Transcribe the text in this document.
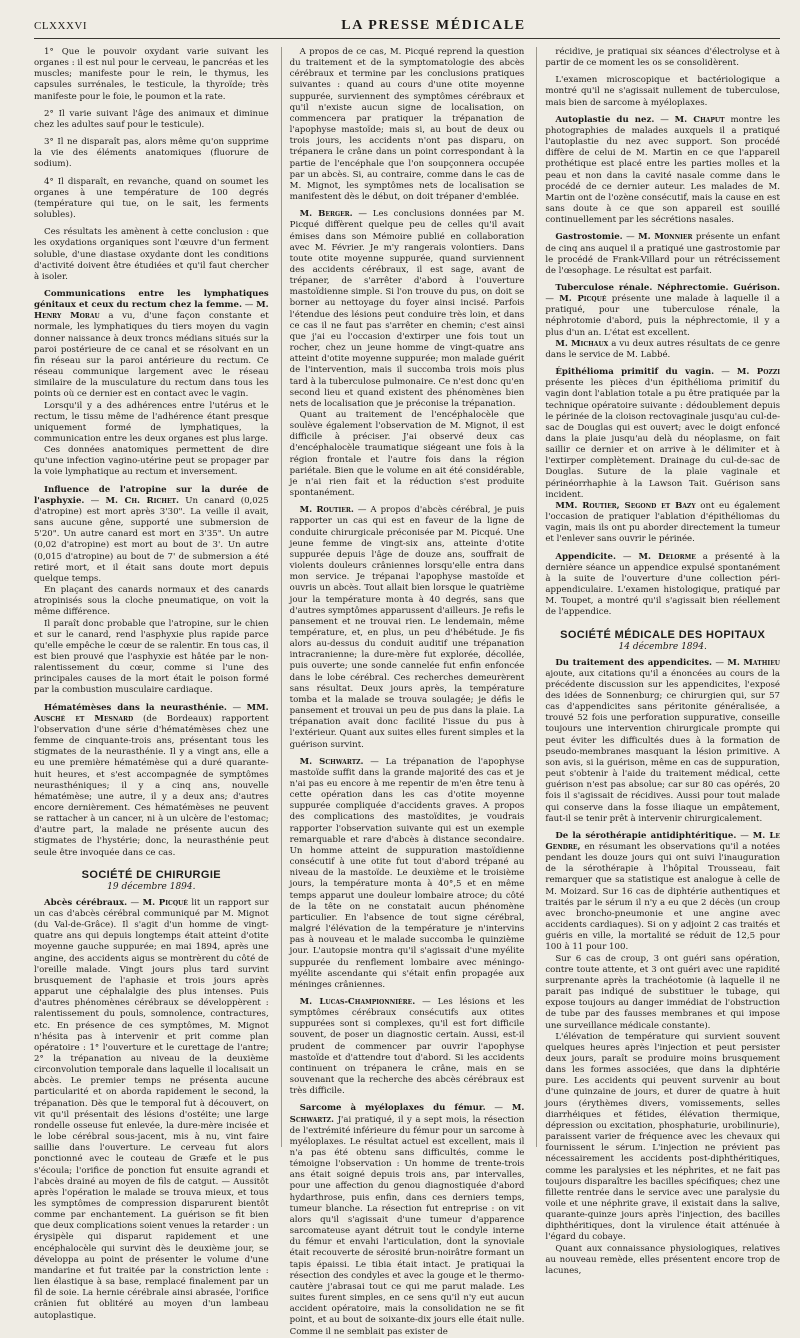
CLXXXVI	LA PRESSE MÉDICALE

1° Que le pouvoir oxydant varie suivant les organes : il est nul pour le cerveau, le pancréas et les muscles; manifeste pour le rein, le thymus, les capsules surrénales, le testicule, la thyroïde; très manifeste pour le foie, le poumon et la rate.

2° Il varie suivant l'âge des animaux et diminue chez les adultes sauf pour le testicule).

3° Il ne disparaît pas, alors même qu'on supprime la vie des éléments anatomiques (fluorure de sodium).

4° Il disparaît, en revanche, quand on soumet les organes à une température de 100 degrés (température qui tue, on le sait, les ferments solubles).

Ces résultats les amènent à cette conclusion : que les oxydations organiques sont l'œuvre d'un ferment soluble, d'une diastase oxydante dont les conditions d'activité doivent être étudiées et qu'il faut chercher à isoler.

Communications entre les lymphatiques génitaux et ceux du rectum chez la femme. — M. Henry Morau a vu, d'une façon constante et normale, les lymphatiques du tiers moyen du vagin donner naissance à deux troncs médians situés sur la paroi postérieure de ce canal et se résolvant en un fin réseau sur la paroi antérieure du rectum. Ce réseau communique largement avec le réseau similaire de la musculature du rectum dans tous les points où ce dernier est en contact avec le vagin.

Lorsqu'il y a des adhérences entre l'utérus et le rectum, le tissu même de l'adhérence étant presque uniquement formé de lymphatiques, la communication entre les deux organes est plus large.

Ces données anatomiques permettent de dire qu'une infection vagino-utérine peut se propager par la voie lymphatique au rectum et inversement.

Influence de l'atropine sur la durée de l'asphyxie. — M. Ch. Richet. Un canard (0,025 d'atropine) est mort après 3'30". La veille il avait, sans aucune gêne, supporté une submersion de 5'20". Un autre canard est mort en 3'35". Un autre (0,02 d'atropine) est mort au bout de 3'. Un autre (0,015 d'atropine) au bout de 7' de submersion a été retiré mort, et il était sans doute mort depuis quelque temps.

En plaçant des canards normaux et des canards atropinisés sous la cloche pneumatique, on voit la même différence.

Il paraît donc probable que l'atropine, sur le chien et sur le canard, rend l'asphyxie plus rapide parce qu'elle empêche le cœur de se ralentir. En tous cas, il est bien prouvé que l'asphyxie est hâtée par le non-ralentissement du cœur, comme si l'une des principales causes de la mort était le poison formé par la combustion musculaire cardiaque.

Hématémèses dans la neurasthénie. — MM. Ausché et Mesnard (de Bordeaux) rapportent l'observation d'une série d'hématémèses chez une femme de cinquante-trois ans, présentant tous les stigmates de la neurasthénie. Il y a vingt ans, elle a eu une première hématémèse qui a duré quarante-huit heures, et s'est accompagnée de symptômes neurasthéniques; il y a cinq ans, nouvelle hématémèse; une autre, il y a deux ans; d'autres encore dernièrement. Ces hématémèses ne peuvent se rattacher à un cancer, ni à un ulcère de l'estomac; d'autre part, la malade ne présente aucun des stigmates de l'hystérie; donc, la neurasthénie peut seule être invoquée dans ce cas.

SOCIÉTÉ DE CHIRURGIE
19 décembre 1894.

Abcès cérébraux. — M. Picqué lit un rapport sur un cas d'abcès cérébral communiqué par M. Mignot (du Val-de-Grâce). Il s'agit d'un homme de vingt-quatre ans qui depuis longtemps était atteint d'otite moyenne gauche suppurée; en mai 1894, après une angine, des accidents aigus se montrèrent du côté de l'oreille malade. Vingt jours plus tard survint brusquement de l'aphasie et trois jours après apparut une céphalalgie des plus intenses. Puis d'autres phénomènes cérébraux se développèrent : ralentissement du pouls, somnolence, contractures, etc. En présence de ces symptômes, M. Mignot n'hésita pas à intervenir et prit comme plan opératoire : 1° l'ouverture et le curettage de l'antre; 2° la trépanation au niveau de la deuxième circonvolution temporale dans laquelle il localisait un abcès. Le premier temps ne présenta aucune particularité et on aborda rapidement le second, la trépanation. Dès que le temporal fut à découvert, on vit qu'il présentait des lésions d'ostéite; une large rondelle osseuse fut enlevée, la dure-mère incisée et le lobe cérébral sous-jacent, mis à nu, vint faire saillie dans l'ouverture. Le cerveau fut alors ponctionné avec le couteau de Græfe et le pus s'écoula; l'orifice de ponction fut ensuite agrandi et l'abcès drainé au moyen de fils de catgut. — Aussitôt après l'opération le malade se trouva mieux, et tous les symptômes de compression disparurent bientôt comme par enchantement. La guérison se fit bien que deux complications soient venues la retarder : un érysipèle qui disparut rapidement et une encéphalocèle qui survint dès le deuxième jour, se développa au point de présenter le volume d'une mandarine et fut traitée par la constriction lente : lien élastique à sa base, remplacé finalement par un fil de soie. La hernie cérébrale ainsi abrasée, l'orifice crânien fut oblitéré au moyen d'un lambeau autoplastique.

A propos de ce cas, M. Picqué reprend la question du traitement et de la symptomatologie des abcès cérébraux et termine par les conclusions pratiques suivantes : quand au cours d'une otite moyenne suppurée, surviennent des symptômes cérébraux et qu'il n'existe aucun signe de localisation, on commencera par pratiquer la trépanation de l'apophyse mastoïde; mais si, au bout de deux ou trois jours, les accidents n'ont pas disparu, on trépanera le crâne dans un point correspondant à la partie de l'encéphale que l'on soupçonnera occupée par un abcès. Si, au contraire, comme dans le cas de M. Mignot, les symptômes nets de localisation se manifestent dès le début, on doit trépaner d'emblée.

M. Berger. — Les conclusions données par M. Picqué diffèrent quelque peu de celles qu'il avait émises dans son Mémoire publié en collaboration avec M. Février. Je m'y rangerais volontiers. Dans toute otite moyenne suppurée, quand surviennent des accidents cérébraux, il est sage, avant de trépaner, de s'arrêter d'abord à l'ouverture mastoïdienne simple. Si l'on trouve du pus, on doit se borner au nettoyage du foyer ainsi incisé. Parfois l'étendue des lésions peut conduire très loin, et dans ce cas il ne faut pas s'arrêter en chemin; c'est ainsi que j'ai eu l'occasion d'extirper une fois tout un rocher, chez un jeune homme de vingt-quatre ans atteint d'otite moyenne suppurée; mon malade guérit de l'intervention, mais il succomba trois mois plus tard à la tuberculose pulmonaire. Ce n'est donc qu'en second lieu et quand existent des phénomènes bien nets de localisation que je préconise la trépanation.

Quant au traitement de l'encéphalocèle que soulève également l'observation de M. Mignot, il est difficile à préciser. J'ai observé deux cas d'encéphalocèle traumatique siégeant une fois à la région frontale et l'autre fois dans la région pariétale. Bien que le volume en ait été considérable, je n'ai rien fait et la réduction s'est produite spontanément.

M. Routier. — A propos d'abcès cérébral, je puis rapporter un cas qui est en faveur de la ligne de conduite chirurgicale préconisée par M. Picqué. Une jeune femme de vingt-six ans, atteinte d'otite suppurée depuis l'âge de douze ans, souffrait de violents douleurs crâniennes lorsqu'elle entra dans mon service. Je trépanai l'apophyse mastoïde et ouvris un abcès. Tout allait bien lorsque le quatrième jour la température monta à 40 degrés, sans que d'autres symptômes apparussent d'ailleurs. Je refis le pansement et ne trouvai rien. Le lendemain, même température, et, en plus, un peu d'hébétude. Je fis alors au-dessus du conduit auditif une trépanation intracranienne; la dure-mère fut explorée, décollée, puis ouverte; une sonde cannelée fut enfin enfoncée dans le lobe cérébral. Ces recherches demeurèrent sans résultat. Deux jours après, la température tomba et la malade se trouva soulagée; je défis le pansement et trouvai un peu de pus dans la plaie. La trépanation avait donc facilité l'issue du pus à l'extérieur. Quant aux suites elles furent simples et la guérison survint.

M. Schwartz. — La trépanation de l'apophyse mastoïde suffit dans la grande majorité des cas et je n'ai pas eu encore à me repentir de m'en être tenu à cette opération dans les cas d'otite moyenne suppurée compliquée d'accidents graves. A propos des complications des mastoïdites, je voudrais rapporter l'observation suivante qui est un exemple remarquable et rare d'abcès à distance secondaire. Un homme atteint de suppuration mastoïdienne consécutif à une otite fut tout d'abord trépané au niveau de la mastoïde. Le deuxième et le troisième jours, la température monta à 40°,5 et en même temps apparut une douleur lombaire atroce; du côté de la tête on ne constatait aucun phénomène particulier. En l'absence de tout signe cérébral, malgré l'élévation de la température je n'intervins pas à nouveau et le malade succomba le quinzième jour. L'autopsie montra qu'il s'agissait d'une myélite suppurée du renflement lombaire avec méningo-myélite ascendante qui s'était enfin propagée aux méninges crâniennes.

M. Lucas-Championnière. — Les lésions et les symptômes cérébraux consécutifs aux otites suppurées sont si complexes, qu'il est fort difficile souvent, de poser un diagnostic certain. Aussi, est-il prudent de commencer par ouvrir l'apophyse mastoïde et d'attendre tout d'abord. Si les accidents continuent on trépanera le crâne, mais en se souvenant que la recherche des abcès cérébraux est très difficile.

Sarcome à myéloplaxes du fémur. — M. Schwartz. J'ai pratiqué, il y a sept mois, la résection de l'extrémité inférieure du fémur pour un sarcome à myéloplaxes. Le résultat actuel est excellent, mais il n'a pas été obtenu sans difficultés, comme le témoigne l'observation : Un homme de trente-trois ans était soigné depuis trois ans, par intervalles, pour une affection du genou diagnostiquée d'abord hydarthrose, puis enfin, dans ces derniers temps, tumeur blanche. La résection fut entreprise : on vit alors qu'il s'agissait d'une tumeur d'apparence sarcomateuse ayant détruit tout le condyle interne du fémur et envahi l'articulation, dont la synoviale était recouverte de sérosité brun-noirâtre formant un tapis épaissi. Le tibia était intact. Je pratiquai la résection des condyles et avec la gouge et le thermo-cautère j'abrasai tout ce qui me parut malade. Les suites furent simples, en ce sens qu'il n'y eut aucun accident opératoire, mais la consolidation ne se fit point, et au bout de soixante-dix jours elle était nulle. Comme il ne semblait pas exister de

récidive, je pratiquai six séances d'électrolyse et à partir de ce moment les os se consolidèrent.

L'examen microscopique et bactériologique a montré qu'il ne s'agissait nullement de tuberculose, mais bien de sarcome à myéloplaxes.

Autoplastie du nez. — M. Chaput montre les photographies de malades auxquels il a pratiqué l'autoplastie du nez avec support. Son procédé diffère de celui de M. Martin en ce que l'appareil prothétique est placé entre les parties molles et la peau et non dans la cavité nasale comme dans le procédé de ce dernier auteur. Les malades de M. Martin ont de l'ozène consécutif, mais la cause en est sans doute à ce que son appareil est souillé continuellement par les sécrétions nasales.

Gastrostomie. — M. Monnier présente un enfant de cinq ans auquel il a pratiqué une gastrostomie par le procédé de Frank-Villard pour un rétrécissement de l'œsophage. Le résultat est parfait.

Tuberculose rénale. Néphrectomie. Guérison. — M. Picqué présente une malade à laquelle il a pratiqué, pour une tuberculose rénale, la néphrotomie d'abord, puis la néphrectomie, il y a plus d'un an. L'état est excellent.

M. Michaux a vu deux autres résultats de ce genre dans le service de M. Labbé.

Épithélioma primitif du vagin. — M. Pozzi présente les pièces d'un épithélioma primitif du vagin dont l'ablation totale a pu être pratiquée par la technique opératoire suivante : dédoublement depuis le périnée de la cloison rectovaginale jusqu'au cul-de-sac de Douglas qui est ouvert; avec le doigt enfoncé dans la plaie jusqu'au delà du néoplasme, on fait saillir ce dernier et on arrive à le délimiter et à l'extirper complètement. Drainage du cul-de-sac de Douglas. Suture de la plaie vaginale et périnéorrhaphie à la Lawson Tait. Guérison sans incident.

MM. Routier, Segond et Bazy ont eu également l'occasion de pratiquer l'ablation d'épithéliomas du vagin, mais ils ont pu aborder directement la tumeur et l'enlever sans ouvrir le périnée.

Appendicite. — M. Delorme a présenté à la dernière séance un appendice expulsé spontanément à la suite de l'ouverture d'une collection péri-appendiculaire. L'examen histologique, pratiqué par M. Toupet, a montré qu'il s'agissait bien réellement de l'appendice.

SOCIÉTÉ MÉDICALE DES HOPITAUX
14 décembre 1894.

Du traitement des appendicites. — M. Mathieu ajoute, aux citations qu'il a énoncées au cours de la précédente discussion sur les appendicites, l'exposé des idées de Sonnenburg; ce chirurgien qui, sur 57 cas d'appendicites sans péritonite généralisée, a trouvé 52 fois une perforation suppurative, conseille toujours une intervention chirurgicale prompte qui peut éviter les difficultés dues à la formation de pseudo-membranes masquant la lésion primitive. A son avis, si la guérison, même en cas de suppuration, peut s'obtenir à l'aide du traitement médical, cette guérison n'est pas absolue; car sur 80 cas opérés, 20 fois il s'agissait de récidives. Aussi pour tout malade qui conserve dans la fosse iliaque un empâtement, faut-il se tenir prêt à intervenir chirurgicalement.

De la sérothérapie antidiphtéritique. — M. Le Gendre, en résumant les observations qu'il a notées pendant les douze jours qui ont suivi l'inauguration de la sérothérapie à l'hôpital Trousseau, fait remarquer que sa statistique est analogue à celle de M. Moizard. Sur 16 cas de diphtérie authentiques et traités par le sérum il n'y a eu que 2 décès (un croup avec broncho-pneumonie et une angine avec accidents cardiaques). Si on y adjoint 2 cas traités et guéris en ville, la mortalité se réduit de 12,5 pour 100 à 11 pour 100.

Sur 6 cas de croup, 3 ont guéri sans opération, contre toute attente, et 3 ont guéri avec une rapidité surprenante après la trachéotomie (à laquelle il ne parait pas indiqué de substituer le tubage, qui expose toujours au danger immédiat de l'obstruction de tube par des fausses membranes et qui impose une surveillance médicale constante).

L'élévation de température qui survient souvent quelques heures après l'injection et peut persister deux jours, paraît se produire moins brusquement dans les formes associées, que dans la diphtérie pure. Les accidents qui peuvent survenir au bout d'une quinzaine de jours, et durer de quatre à huit jours (érythèmes divers, vomissements, selles diarrhéiques et fétides, élévation thermique, dépression ou excitation, phosphaturie, urobilinurie), paraissent varier de fréquence avec les chevaux qui fournissent le sérum. L'injection ne prévient pas nécessairement les accidents post-diphthéritiques, comme les paralysies et les néphrites, et ne fait pas toujours disparaître les bacilles spécifiques; chez une fillette rentrée dans le service avec une paralysie du voile et une néphrite grave, il existait dans la salive, quarante-quinze jours après l'injection, des bacilles diphthéritiques, dont la virulence était atténuée à l'égard du cobaye.

Quant aux connaissance physiologiques, relatives au nouveau remède, elles présentent encore trop de lacunes,
